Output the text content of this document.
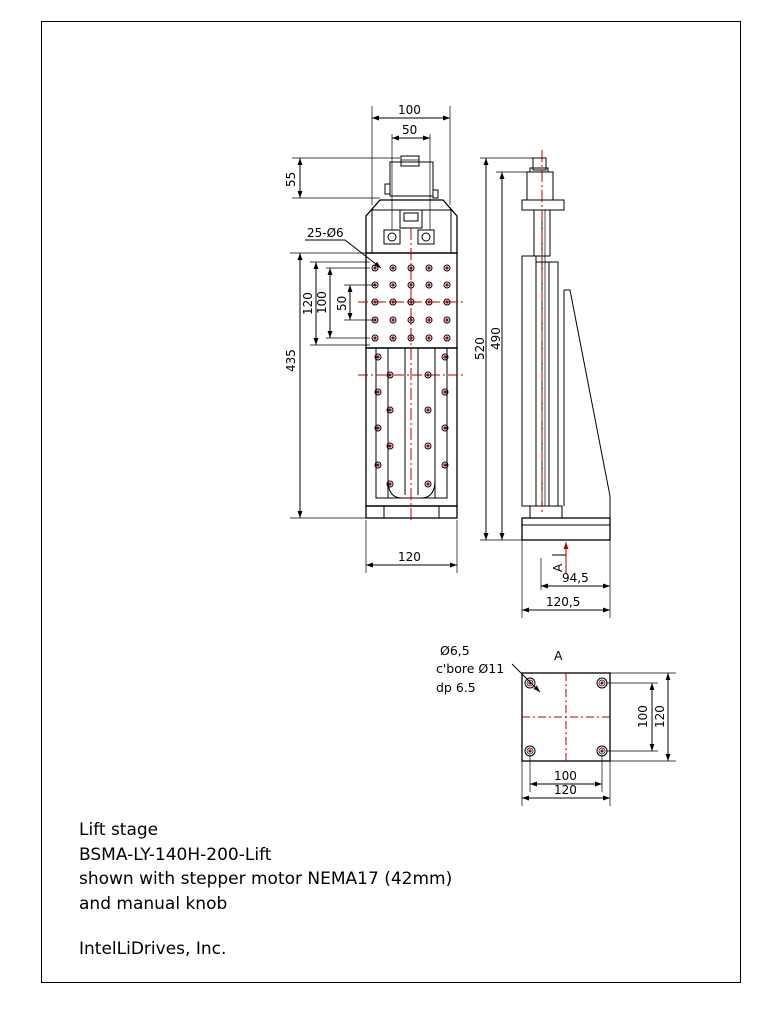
100
50
55
25-Ø6
120 100 50
435
120
520 490
A
94,5
120,5
A
Ø6,5
c'bore Ø11
dp 6.5
100 120
100
120
Lift stage
BSMA-LY-140H-200-Lift
shown with stepper motor NEMA17 (42mm)
and manual knob
IntelLiDrives, Inc.
